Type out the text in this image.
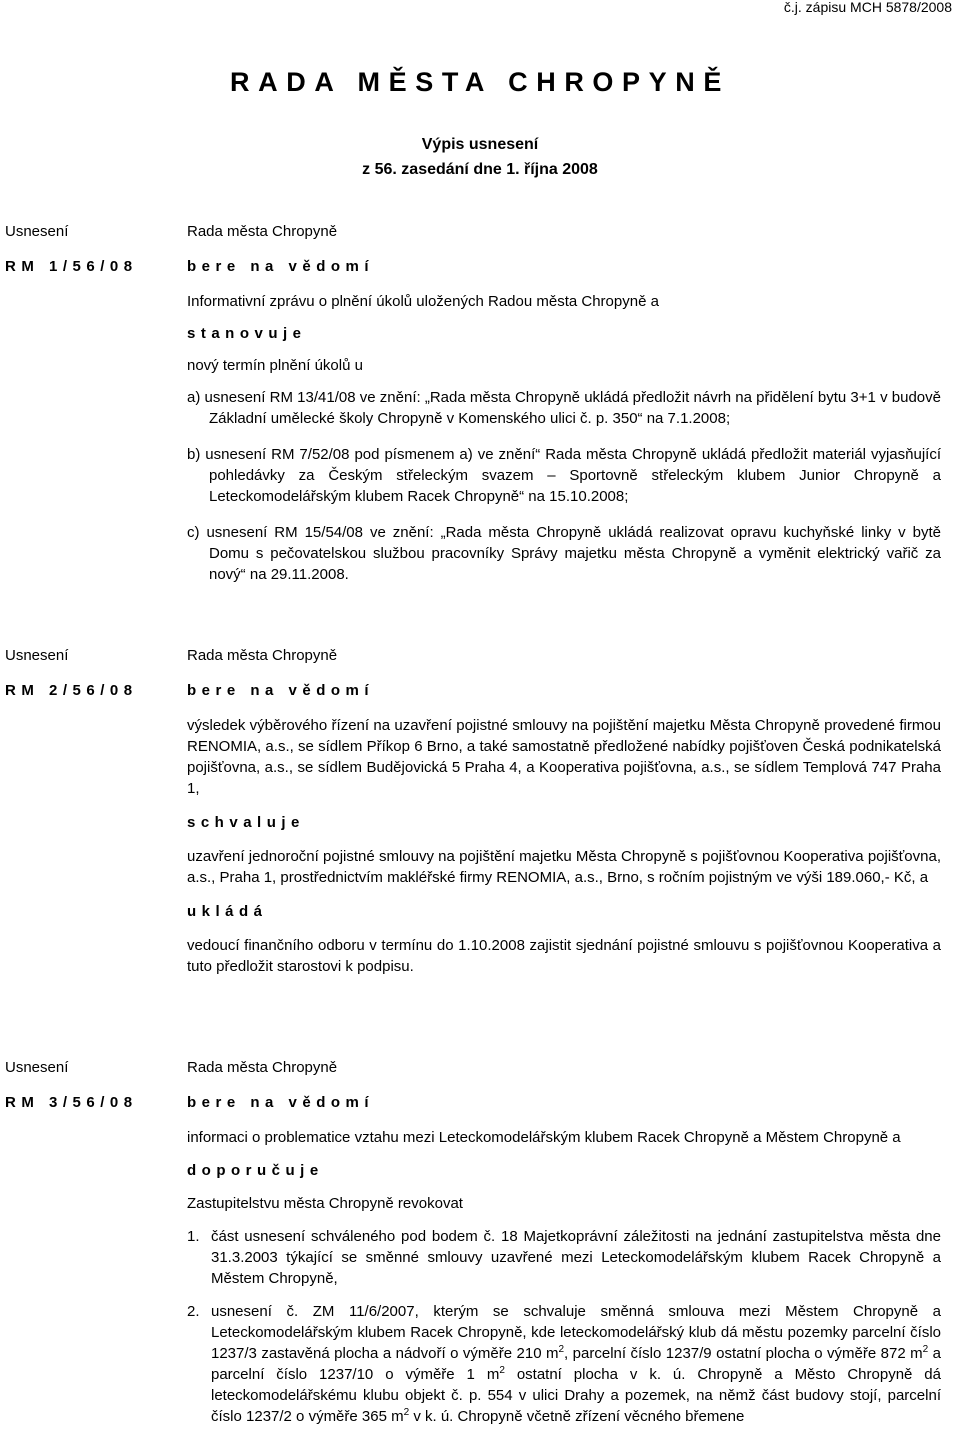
č.j. zápisu MCH 5878/2008
RADA MĚSTA CHROPYNĚ
Výpis usnesení
z 56. zasedání dne 1. října 2008
Usnesení
RM 1/56/08

Rada města Chropyně

bere na vědomí

Informativní zprávu o plnění úkolů uložených Radou města Chropyně a

stanovuje

nový termín plnění úkolů u

a) usnesení RM 13/41/08 ve znění: „Rada města Chropyně ukládá předložit návrh na přidělení bytu 3+1 v budově Základní umělecké školy Chropyně v Komenského ulici č. p. 350“ na 7.1.2008;

b) usnesení RM 7/52/08 pod písmenem a) ve znění“ Rada města Chropyně ukládá předložit materiál vyjasňující pohledávky za Českým střeleckým svazem – Sportovně střeleckým klubem Junior Chropyně a Leteckomodelářským klubem Racek Chropyně“ na 15.10.2008;

c) usnesení RM 15/54/08 ve znění: „Rada města Chropyně ukládá realizovat opravu kuchyňské linky v bytě Domu s pečovatelskou službou pracovníky Správy majetku města Chropyně a vyměnit elektrický vařič za nový“ na 29.11.2008.

Usnesení
RM 2/56/08

Rada města Chropyně

bere na vědomí

výsledek výběrového řízení na uzavření pojistné smlouvy na pojištění majetku Města Chropyně provedené firmou RENOMIA, a.s., se sídlem Příkop 6 Brno, a také samostatně předložené nabídky pojišťoven Česká podnikatelská pojišťovna, a.s., se sídlem Budějovická 5 Praha 4, a Kooperativa pojišťovna, a.s., se sídlem Templová 747 Praha 1,

schvaluje

uzavření jednoroční pojistné smlouvy na pojištění majetku Města Chropyně s pojišťovnou Kooperativa pojišťovna, a.s., Praha 1, prostřednictvím makléřské firmy RENOMIA, a.s., Brno, s ročním pojistným ve výši 189.060,- Kč, a

ukládá

vedoucí finančního odboru v termínu do 1.10.2008 zajistit sjednání pojistné smlouvu s pojišťovnou Kooperativa a tuto předložit starostovi k podpisu.

Usnesení
RM 3/56/08

Rada města Chropyně

bere na vědomí

informaci o problematice vztahu mezi Leteckomodelářským klubem Racek Chropyně a Městem Chropyně a

doporučuje

Zastupitelstvu města Chropyně revokovat

1. část usnesení schváleného pod bodem č. 18 Majetkoprávní záležitosti na jednání zastupitelstva města dne 31.3.2003 týkající se směnné smlouvy uzavřené mezi Leteckomodelářským klubem Racek Chropyně a Městem Chropyně,
2. usnesení č. ZM 11/6/2007, kterým se schvaluje směnná smlouva mezi Městem Chropyně a Leteckomodelářským klubem Racek Chropyně, kde leteckomodelářský klub dá městu pozemky parcelní číslo 1237/3 zastavěná plocha a nádvoří o výměře 210 $m^2$, parcelní číslo 1237/9 ostatní plocha o výměře 872 $m^2$ a parcelní číslo 1237/10 o výměře 1 $m^2$ ostatní plocha v k. ú. Chropyně a Město Chropyně dá leteckomodelářskému klubu objekt č. p. 554 v ulici Drahy a pozemek, na němž část budovy stojí, parcelní číslo 1237/2 o výměře 365 $m^2$ v k. ú. Chropyně včetně zřízení věcného břemene
